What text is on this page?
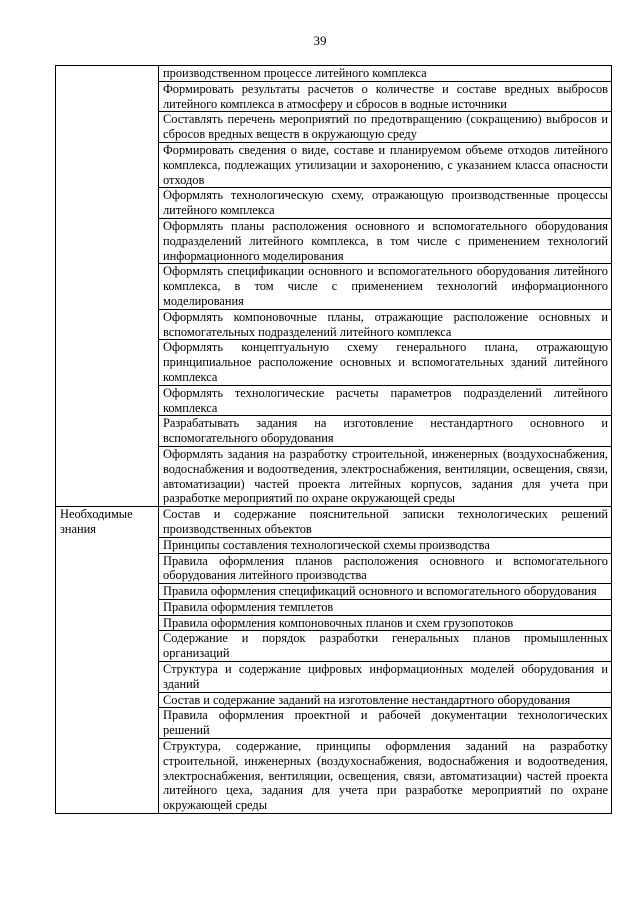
39

	производственном процессе литейного комплекса

	Формировать результаты расчетов о количестве и составе вредных выбросов литейного комплекса в атмосферу и сбросов в водные источники

	Составлять перечень мероприятий по предотвращению (сокращению) выбросов и сбросов вредных веществ в окружающую среду

	Формировать сведения о виде, составе и планируемом объеме отходов литейного комплекса, подлежащих утилизации и захоронению, с указанием класса опасности отходов

	Оформлять технологическую схему, отражающую производственные процессы литейного комплекса

	Оформлять планы расположения основного и вспомогательного оборудования подразделений литейного комплекса, в том числе с применением технологий информационного моделирования

	Оформлять спецификации основного и вспомогательного оборудования литейного комплекса, в том числе с применением технологий информационного моделирования

	Оформлять компоновочные планы, отражающие расположение основных и вспомогательных подразделений литейного комплекса

	Оформлять концептуальную схему генерального плана, отражающую принципиальное расположение основных и вспомогательных зданий литейного комплекса

	Оформлять технологические расчеты параметров подразделений литейного комплекса

	Разрабатывать задания на изготовление нестандартного основного и вспомогательного оборудования

	Оформлять задания на разработку строительной, инженерных (воздухоснабжения, водоснабжения и водоотведения, электроснабжения, вентиляции, освещения, связи, автоматизации) частей проекта литейных корпусов, задания для учета при разработке мероприятий по охране окружающей среды

Необходимые знания	Состав и содержание пояснительной записки технологических решений производственных объектов

	Принципы составления технологической схемы производства

	Правила оформления планов расположения основного и вспомогательного оборудования литейного производства

	Правила оформления спецификаций основного и вспомогательного оборудования

	Правила оформления темплетов

	Правила оформления компоновочных планов и схем грузопотоков

	Содержание и порядок разработки генеральных планов промышленных организаций

	Структура и содержание цифровых информационных моделей оборудования и зданий

	Состав и содержание заданий на изготовление нестандартного оборудования

	Правила оформления проектной и рабочей документации технологических решений

	Структура, содержание, принципы оформления заданий на разработку строительной, инженерных (воздухоснабжения, водоснабжения и водоотведения, электроснабжения, вентиляции, освещения, связи, автоматизации) частей проекта литейного цеха, задания для учета при разработке мероприятий по охране окружающей среды
